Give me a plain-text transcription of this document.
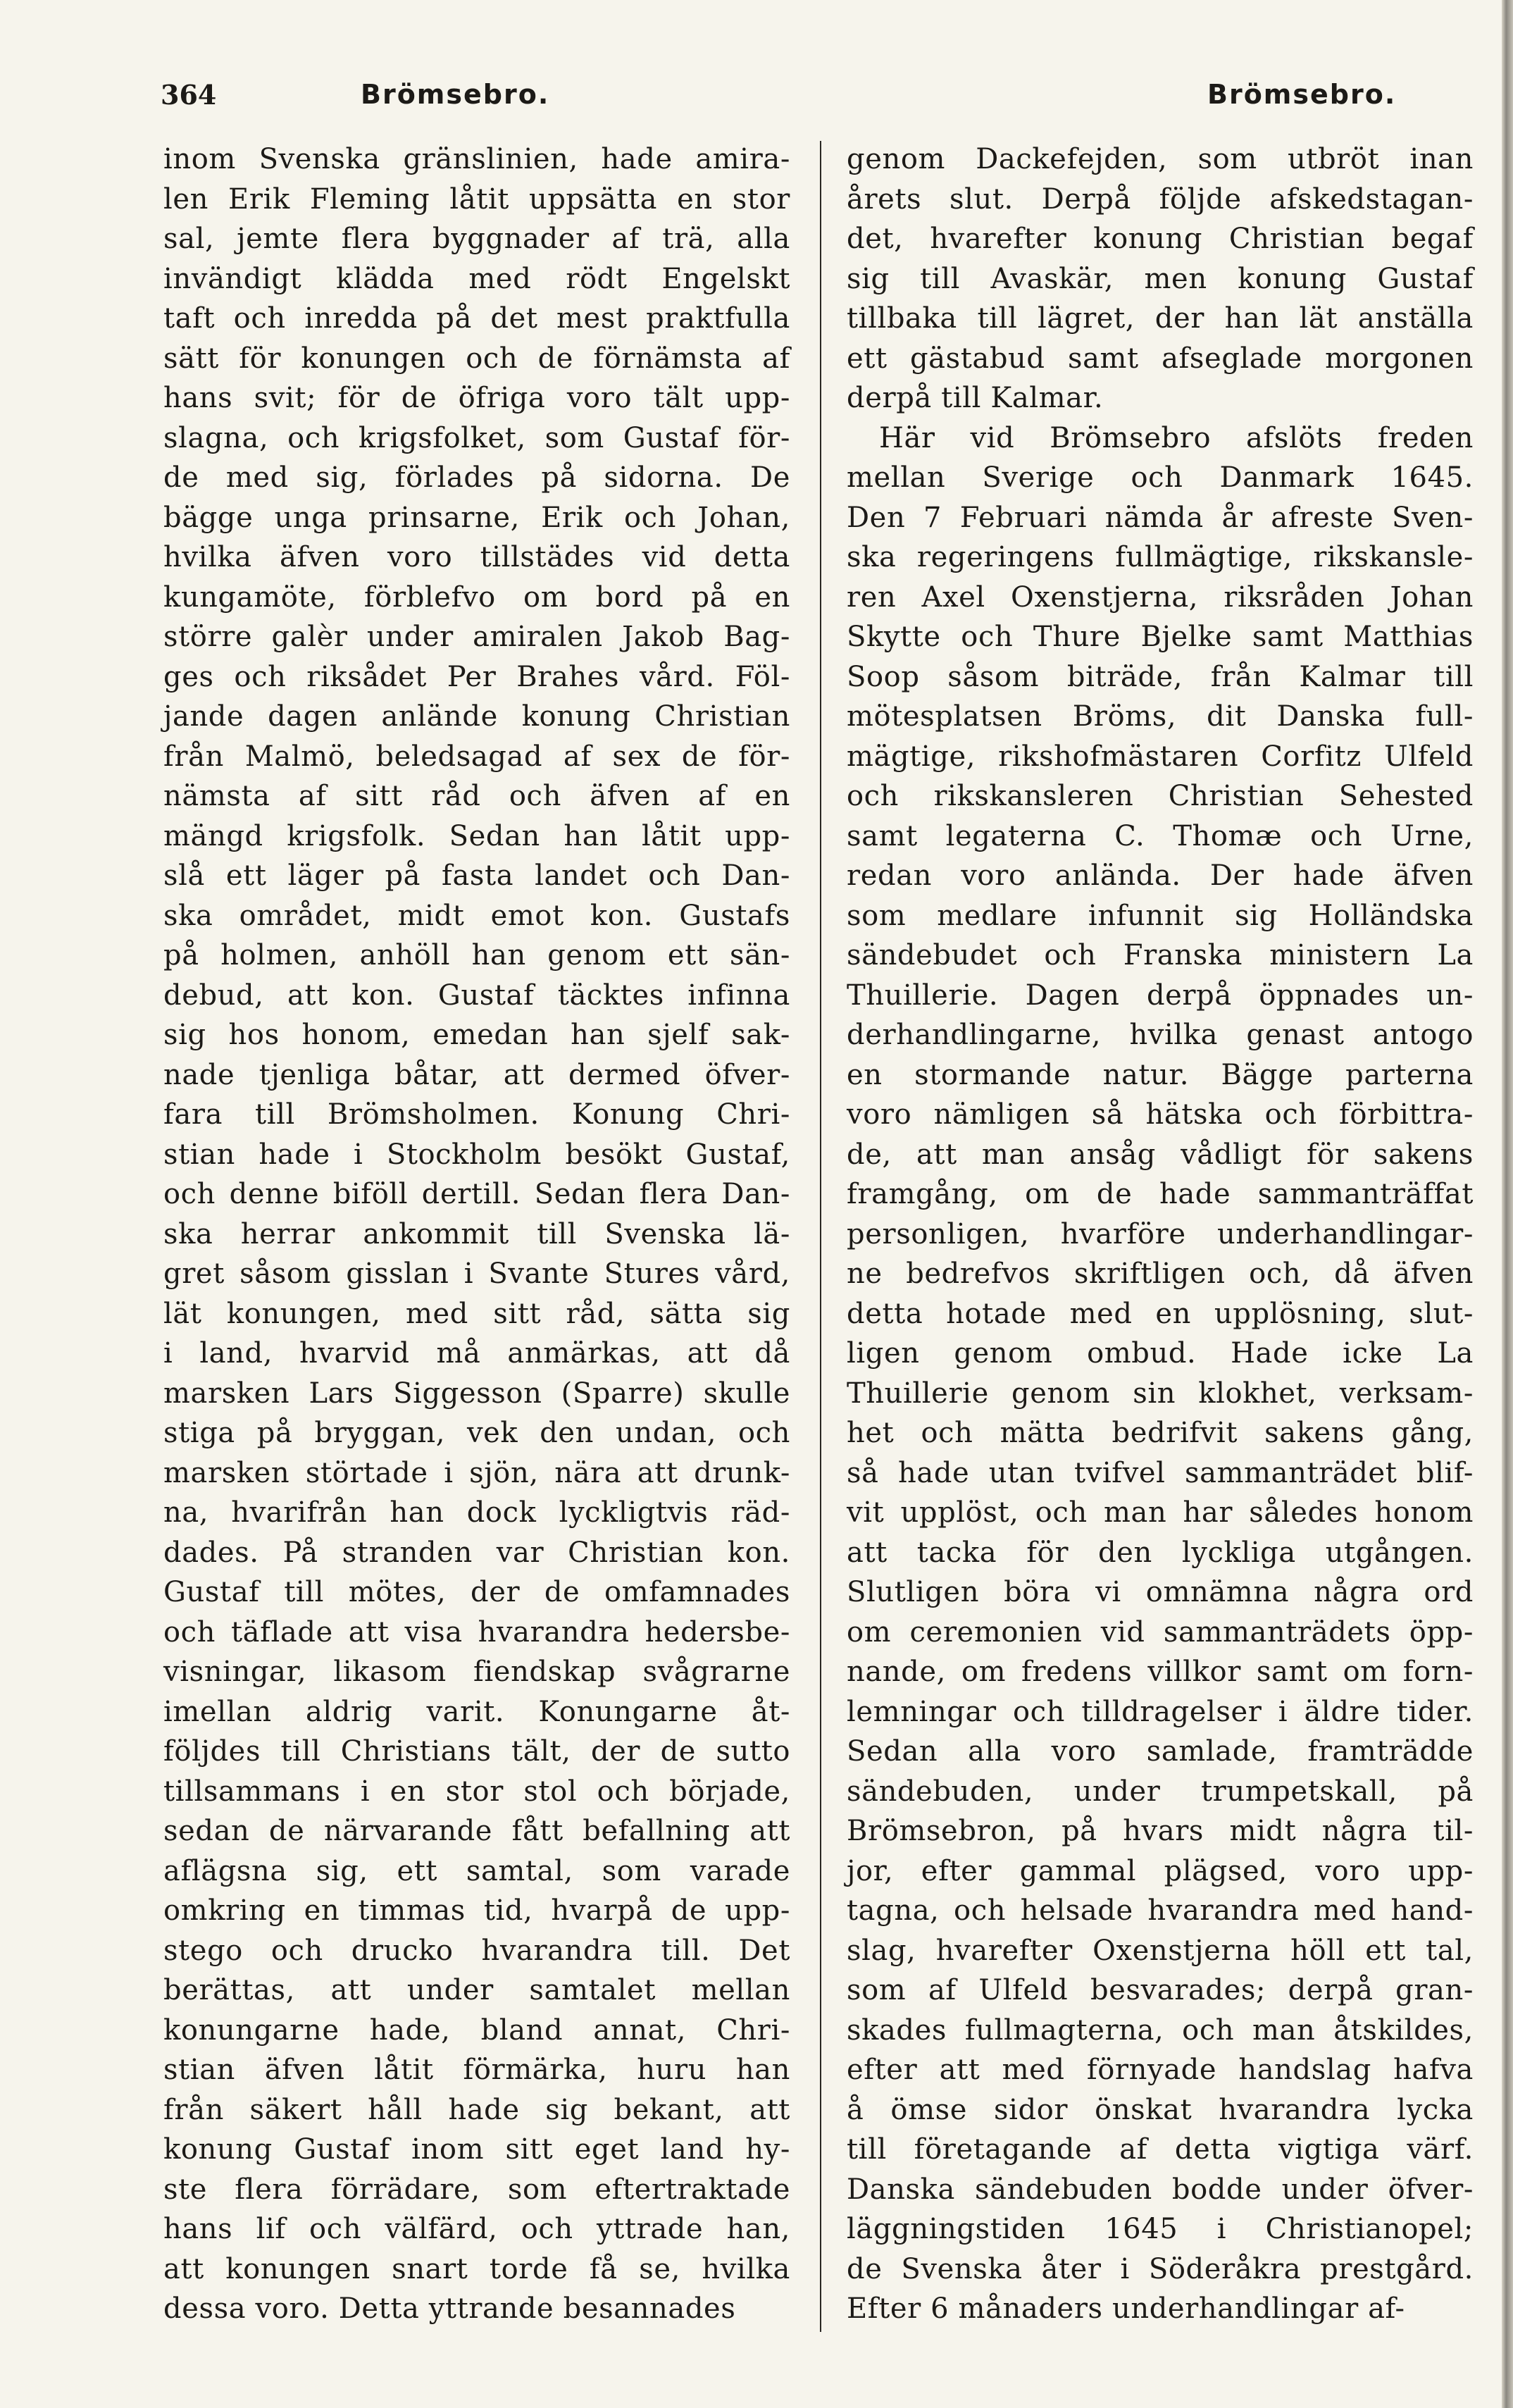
364	Brömsebro.	Brömsebro.
inom Svenska gränslinien, hade amira-
len Erik Fleming låtit uppsätta en stor
sal, jemte flera byggnader af trä, alla
invändigt klädda med rödt Engelskt
taft och inredda på det mest praktfulla
sätt för konungen och de förnämsta af
hans svit; för de öfriga voro tält upp-
slagna, och krigsfolket, som Gustaf för-
de med sig, förlades på sidorna. De
bägge unga prinsarne, Erik och Johan,
hvilka äfven voro tillstädes vid detta
kungamöte, förblefvo om bord på en
större galèr under amiralen Jakob Bag-
ges och riksådet Per Brahes vård. Föl-
jande dagen anlände konung Christian
från Malmö, beledsagad af sex de för-
nämsta af sitt råd och äfven af en
mängd krigsfolk. Sedan han låtit upp-
slå ett läger på fasta landet och Dan-
ska området, midt emot kon. Gustafs
på holmen, anhöll han genom ett sän-
debud, att kon. Gustaf täcktes infinna
sig hos honom, emedan han sjelf sak-
nade tjenliga båtar, att dermed öfver-
fara till Brömsholmen. Konung Chri-
stian hade i Stockholm besökt Gustaf,
och denne biföll dertill. Sedan flera Dan-
ska herrar ankommit till Svenska lä-
gret såsom gisslan i Svante Stures vård,
lät konungen, med sitt råd, sätta sig
i land, hvarvid må anmärkas, att då
marsken Lars Siggesson (Sparre) skulle
stiga på bryggan, vek den undan, och
marsken störtade i sjön, nära att drunk-
na, hvarifrån han dock lyckligtvis räd-
dades. På stranden var Christian kon.
Gustaf till mötes, der de omfamnades
och täflade att visa hvarandra hedersbe-
visningar, likasom fiendskap svågrarne
imellan aldrig varit. Konungarne åt-
följdes till Christians tält, der de sutto
tillsammans i en stor stol och började,
sedan de närvarande fått befallning att
aflägsna sig, ett samtal, som varade
omkring en timmas tid, hvarpå de upp-
stego och drucko hvarandra till. Det
berättas, att under samtalet mellan
konungarne hade, bland annat, Chri-
stian äfven låtit förmärka, huru han
från säkert håll hade sig bekant, att
konung Gustaf inom sitt eget land hy-
ste flera förrädare, som eftertraktade
hans lif och välfärd, och yttrade han,
att konungen snart torde få se, hvilka
dessa voro. Detta yttrande besannades
genom Dackefejden, som utbröt inan
årets slut. Derpå följde afskedstagan-
det, hvarefter konung Christian begaf
sig till Avaskär, men konung Gustaf
tillbaka till lägret, der han lät anställa
ett gästabud samt afseglade morgonen
derpå till Kalmar.
Här vid Brömsebro afslöts freden
mellan Sverige och Danmark 1645.
Den 7 Februari nämda år afreste Sven-
ska regeringens fullmägtige, rikskansle-
ren Axel Oxenstjerna, riksråden Johan
Skytte och Thure Bjelke samt Matthias
Soop såsom biträde, från Kalmar till
mötesplatsen Bröms, dit Danska full-
mägtige, rikshofmästaren Corfitz Ulfeld
och rikskansleren Christian Sehested
samt legaterna C. Thomæ och Urne,
redan voro anlända. Der hade äfven
som medlare infunnit sig Holländska
sändebudet och Franska ministern La
Thuillerie. Dagen derpå öppnades un-
derhandlingarne, hvilka genast antogo
en stormande natur. Bägge parterna
voro nämligen så hätska och förbittra-
de, att man ansåg vådligt för sakens
framgång, om de hade sammanträffat
personligen, hvarföre underhandlingar-
ne bedrefvos skriftligen och, då äfven
detta hotade med en upplösning, slut-
ligen genom ombud. Hade icke La
Thuillerie genom sin klokhet, verksam-
het och mätta bedrifvit sakens gång,
så hade utan tvifvel sammanträdet blif-
vit upplöst, och man har således honom
att tacka för den lyckliga utgången.
Slutligen böra vi omnämna några ord
om ceremonien vid sammanträdets öpp-
nande, om fredens villkor samt om forn-
lemningar och tilldragelser i äldre tider.
Sedan alla voro samlade, framträdde
sändebuden, under trumpetskall, på
Brömsebron, på hvars midt några til-
jor, efter gammal plägsed, voro upp-
tagna, och helsade hvarandra med hand-
slag, hvarefter Oxenstjerna höll ett tal,
som af Ulfeld besvarades; derpå gran-
skades fullmagterna, och man åtskildes,
efter att med förnyade handslag hafva
å ömse sidor önskat hvarandra lycka
till företagande af detta vigtiga värf.
Danska sändebuden bodde under öfver-
läggningstiden 1645 i Christianopel;
de Svenska åter i Söderåkra prestgård.
Efter 6 månaders underhandlingar af-
